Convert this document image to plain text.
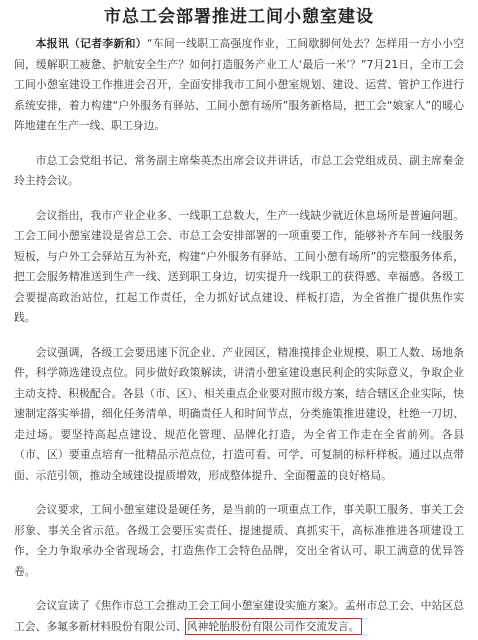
市总工会部署推进工间小憩室建设

本报讯（记者李新和）“车间一线职工高强度作业，工间歇脚何处去？怎样用一方小小空间，缓解职工疲惫、护航安全生产？如何打造服务产业工人‘最后一米’？”7月21日，全市工会工间小憩室建设工作推进会召开，全面安排我市工间小憩室规划、建设、运营、管护工作进行系统安排，着力构建“户外服务有驿站、工间小憩有场所”服务新格局，把工会“娘家人”的暖心阵地建在生产一线、职工身边。

市总工会党组书记、常务副主席柴英杰出席会议并讲话，市总工会党组成员、副主席秦金玲主持会议。

会议指出，我市产业企业多、一线职工总数大，生产一线缺少就近休息场所是普遍问题。工会工间小憩室建设是省总工会、市总工会安排部署的一项重要工作，能够补齐车间一线服务短板，与户外工会驿站互为补充，构建“户外服务有驿站、工间小憩有场所”的完整服务体系，把工会服务精准送到生产一线、送到职工身边，切实提升一线职工的获得感、幸福感。各级工会要提高政治站位，扛起工作责任，全力抓好试点建设、样板打造，为全省推广提供焦作实践。

会议强调，各级工会要迅速下沉企业、产业园区，精准摸排企业规模、职工人数、场地条件，科学筛选建设点位。同步做好政策解读，讲清小憩室建设惠民利企的实际意义，争取企业主动支持、积极配合。各县（市、区）、相关重点企业要对照市级方案，结合辖区企业实际，快速制定落实举措，细化任务清单、明确责任人和时间节点，分类施策推进建设，杜绝一刀切、走过场。要坚持高起点建设、规范化管理、品牌化打造，为全省工作走在全省前列。各县（市、区）要重点培育一批精品示范点位，打造可看、可学、可复制的标杆样板。通过以点带面、示范引领，推动全域建设提质增效，形成整体提升、全面覆盖的良好格局。

会议要求，工间小憩室建设是硬任务，是当前的一项重点工作，事关职工服务、事关工会形象、事关全省示范。各级工会要压实责任、提速提质、真抓实干，高标准推进各项建设工作，全力争取承办全省现场会，打造焦作工会特色品牌，交出全省认可、职工满意的优异答卷。

会议宣读了《焦作市总工会推动工会工间小憩室建设实施方案》。孟州市总工会、中站区总工会、多氟多新材料股份有限公司、风神轮胎股份有限公司作交流发言。
